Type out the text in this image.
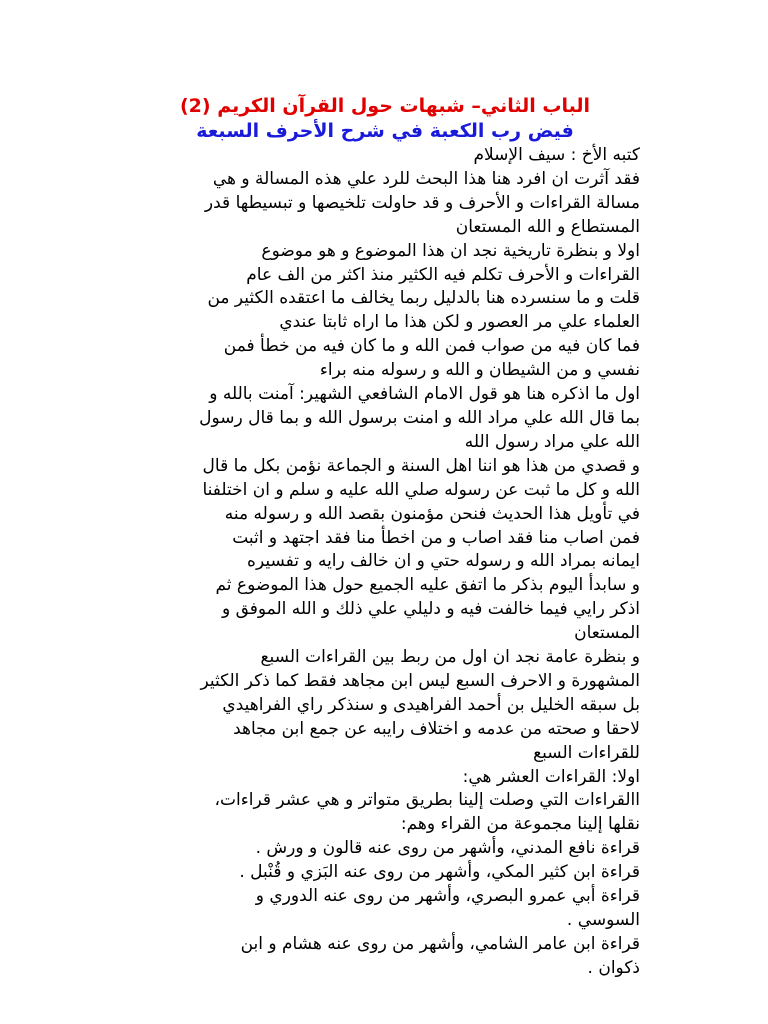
الباب الثاني– شبهات حول القرآن الكريم (2)

فيض رب الكعبة في شرح الأحرف السبعة

كتبه الأخ : سيف الإسلام

فقد آثرت ان افرد هنا هذا البحث للرد علي هذه المسالة و هي

مسالة القراءات و الأحرف و قد حاولت تلخيصها و تبسيطها قدر

المستطاع و الله المستعان

اولا و بنظرة تاريخية نجد ان هذا الموضوع و هو موضوع

القراءات و الأحرف تكلم فيه الكثير منذ اكثر من الف عام

قلت و ما سنسرده هنا بالدليل ربما يخالف ما اعتقده الكثير من

العلماء علي مر العصور و لكن هذا ما اراه ثابتا عندي

فما كان فيه من صواب فمن الله و ما كان فيه من خطأ فمن

نفسي و من الشيطان و الله و رسوله منه براء

اول ما اذكره هنا هو قول الامام الشافعي الشهير: آمنت بالله و

بما قال الله علي مراد الله و امنت برسول الله و بما قال رسول

الله علي مراد رسول الله

و قصدي من هذا هو اننا اهل السنة و الجماعة نؤمن بكل ما قال

الله و كل ما ثبت عن رسوله صلي الله عليه و سلم و ان اختلفنا

في تأويل هذا الحديث فنحن مؤمنون بقصد الله و رسوله منه

فمن اصاب منا فقد اصاب و من اخطأ منا فقد اجتهد و اثبت

ايمانه بمراد الله و رسوله حتي و ان خالف رايه و تفسيره

و سابدأ اليوم بذكر ما اتفق عليه الجميع حول هذا الموضوع ثم

اذكر رايي فيما خالفت فيه و دليلي علي ذلك و الله الموفق و

المستعان

و بنظرة عامة نجد ان اول من ربط بين القراءات السبع

المشهورة و الاحرف السبع ليس ابن مجاهد فقط كما ذكر الكثير

بل سبقه الخليل بن أحمد الفراهيدى و سنذكر راي الفراهيدي

لاحقا و صحته من عدمه و اختلاف رايبه عن جمع ابن مجاهد

للقراءات السبع

اولا: القراءات العشر هي:

االقراءات التي وصلت إلينا بطريق متواتر و هي عشر قراءات،

نقلها إلينا مجموعة من القراء وهم:

قراءة نافع المدني، وأشهر من روى عنه قالون و ورش .

قراءة ابن كثير المكي، وأشهر من روى عنه البَزي و قُنْبل .

قراءة أبي عمرو البصري، وأشهر من روى عنه الدوري و

السوسي .

قراءة ابن عامر الشامي، وأشهر من روى عنه هشام و ابن

ذكوان .
